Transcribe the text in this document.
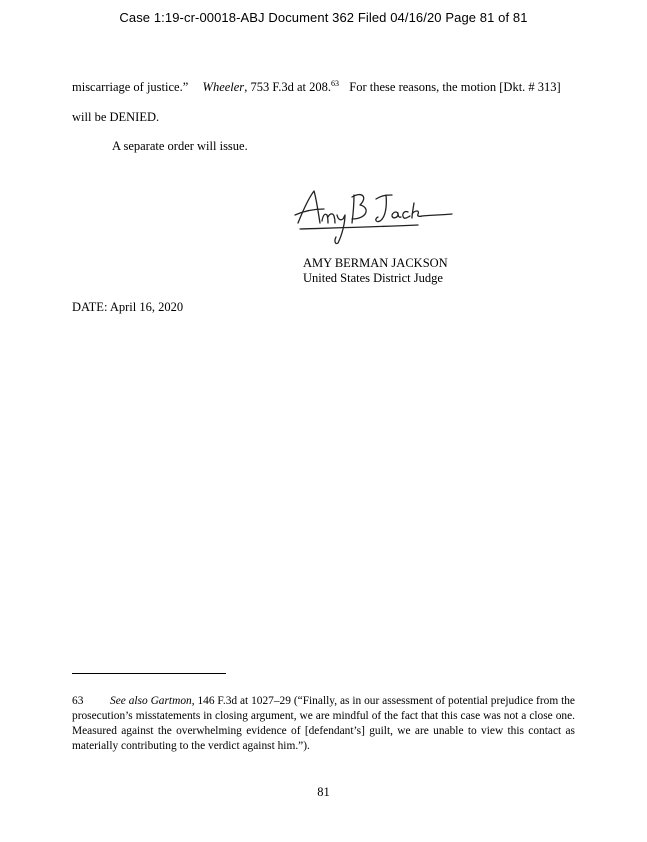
Case 1:19-cr-00018-ABJ Document 362 Filed 04/16/20 Page 81 of 81
miscarriage of justice.” Wheeler, 753 F.3d at 208.63 For these reasons, the motion [Dkt. # 313]
will be DENIED.
A separate order will issue.
AMY BERMAN JACKSON
United States District Judge
DATE: April 16, 2020
63 See also Gartmon, 146 F.3d at 1027–29 (“Finally, as in our assessment of potential prejudice from the prosecution’s misstatements in closing argument, we are mindful of the fact that this case was not a close one. Measured against the overwhelming evidence of [defendant’s] guilt, we are unable to view this contact as materially contributing to the verdict against him.”).
81
